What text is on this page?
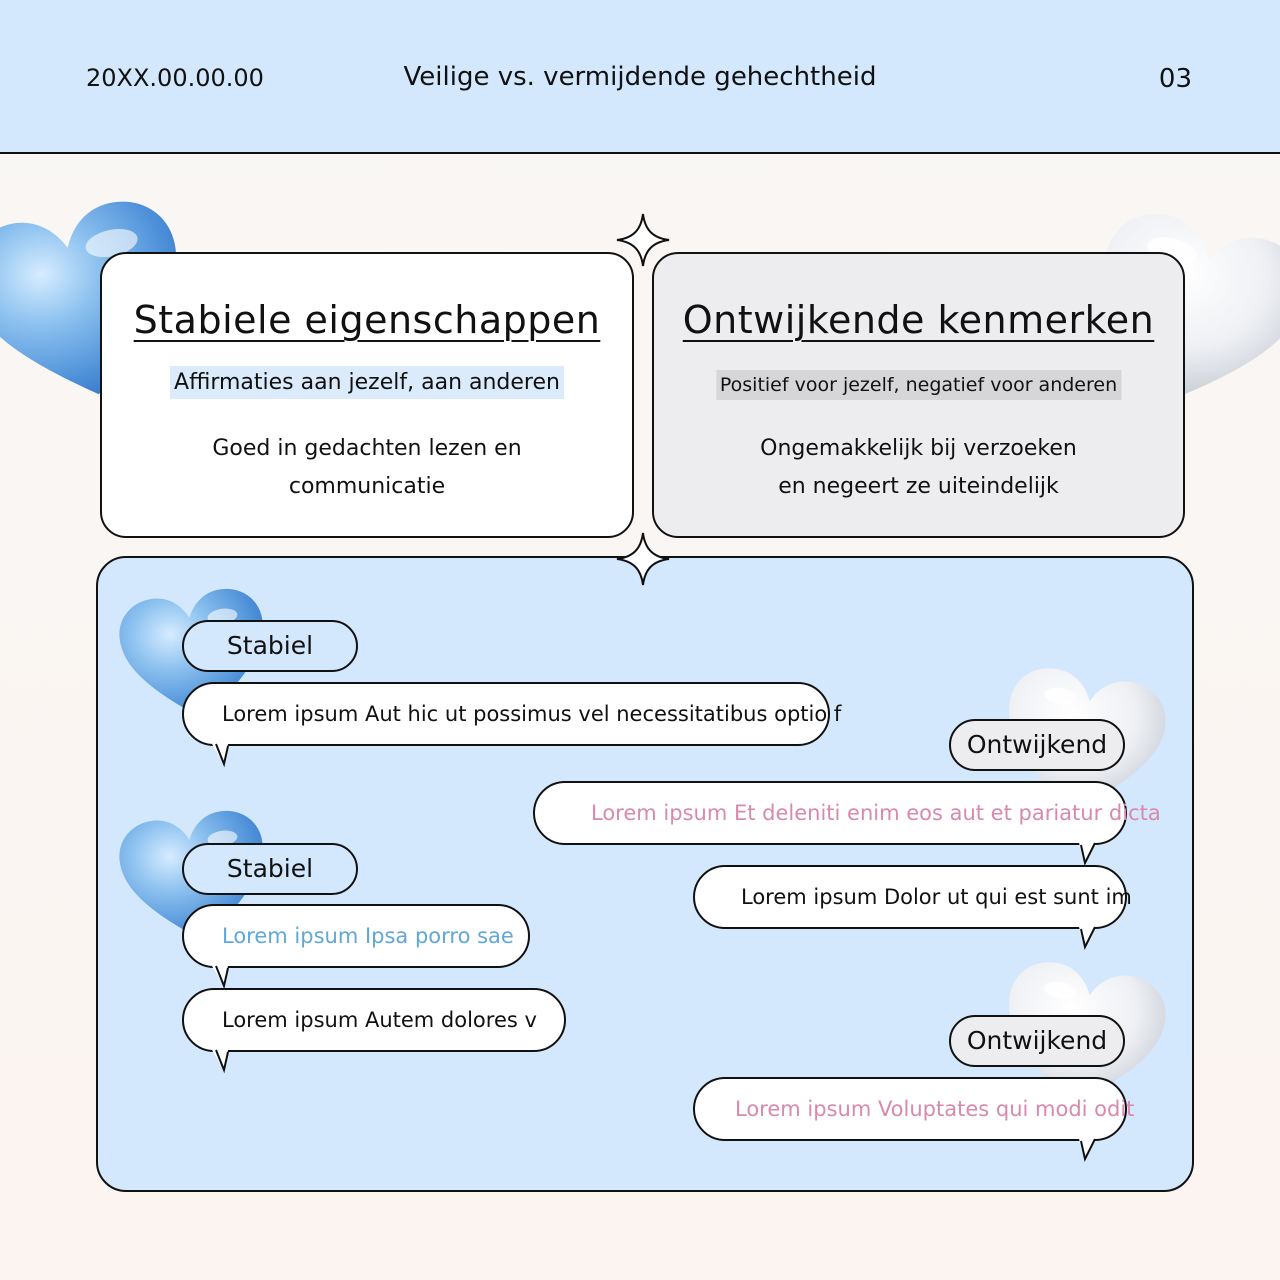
20XX.00.00.00	Veilige vs. vermijdende gehechtheid	03
Stabiele eigenschappen
Affirmaties aan jezelf, aan anderen
Goed in gedachten lezen en
communicatie
Ontwijkende kenmerken
Positief voor jezelf, negatief voor anderen
Ongemakkelijk bij verzoeken
en negeert ze uiteindelijk
Stabiel
Lorem ipsum Aut hic ut possimus vel necessitatibus optio f
Ontwijkend
Lorem ipsum Et deleniti enim eos aut et pariatur dicta
Lorem ipsum Dolor ut qui est sunt im
Stabiel
Lorem ipsum Ipsa porro sae
Lorem ipsum Autem dolores v
Ontwijkend
Lorem ipsum Voluptates qui modi odit
